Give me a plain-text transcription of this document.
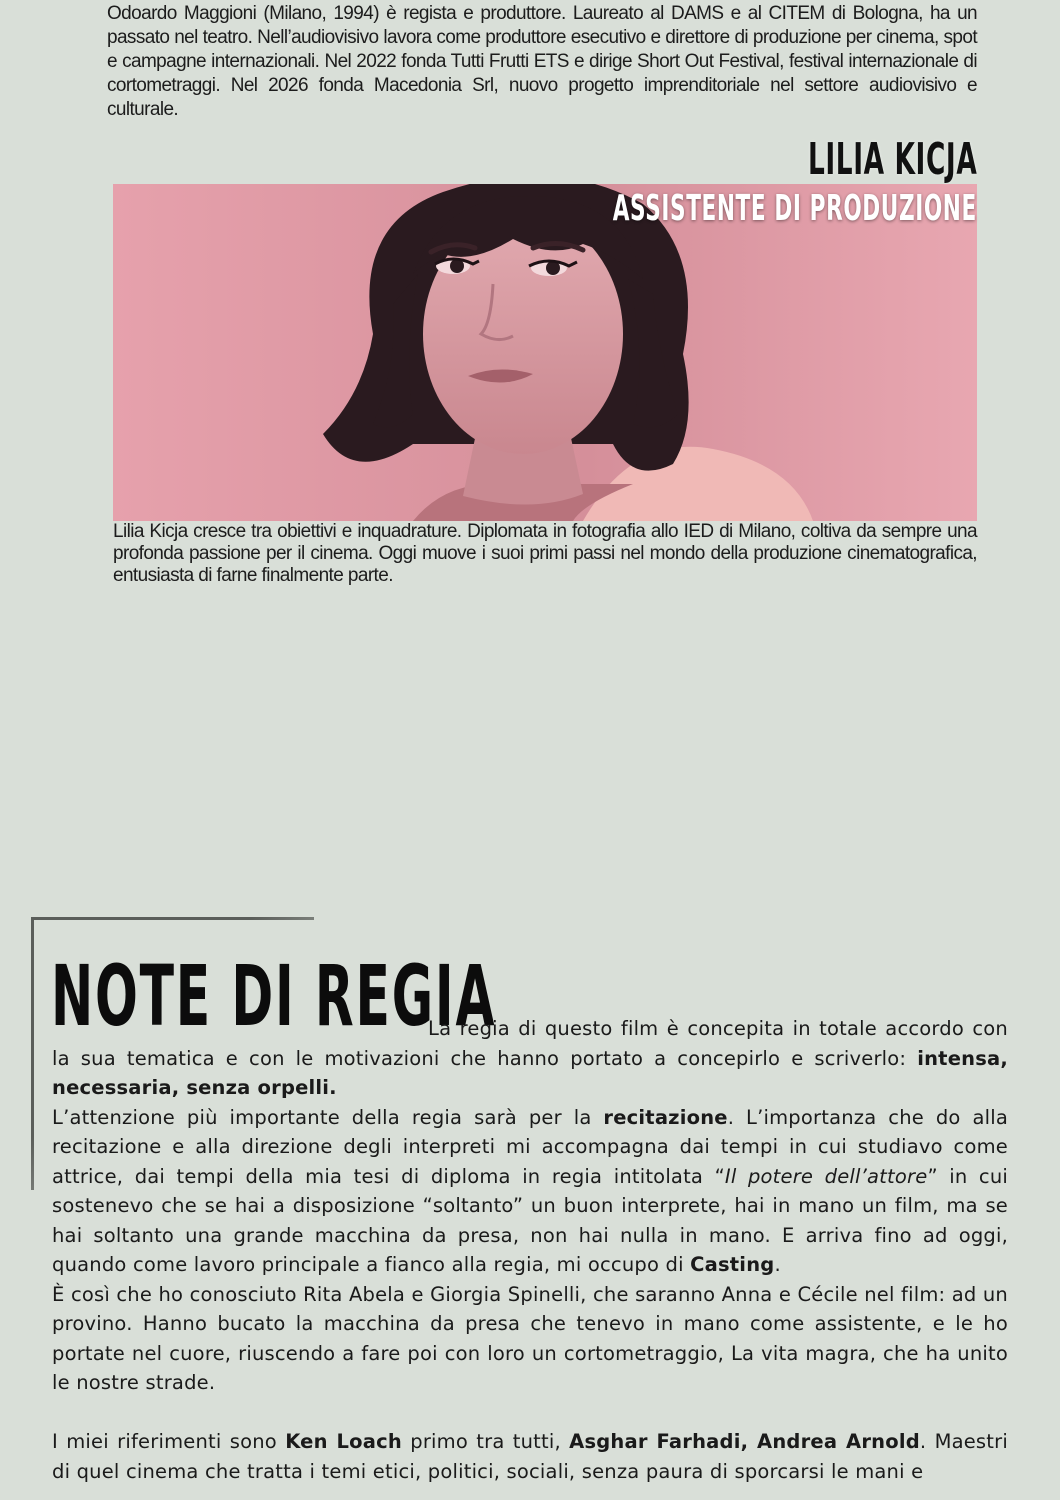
Odoardo Maggioni (Milano, 1994) è regista e produttore. Laureato al DAMS e al CITEM di Bologna, ha un passato nel teatro. Nell’audiovisivo lavora come produttore esecutivo e direttore di produzione per cinema, spot e campagne internazionali. Nel 2022 fonda Tutti Frutti ETS e dirige Short Out Festival, festival internazionale di cortometraggi. Nel 2026 fonda Macedonia Srl, nuovo progetto imprenditoriale nel settore audiovisivo e culturale.

LILIA KICJA
ASSISTENTE DI PRODUZIONE

Lilia Kicja cresce tra obiettivi e inquadrature. Diplomata in fotografia allo IED di Milano, coltiva da sempre una profonda passione per il cinema. Oggi muove i suoi primi passi nel mondo della produzione cinematografica, entusiasta di farne finalmente parte.

NOTE DI REGIA

La regia di questo film è concepita in totale accordo con la sua tematica e con le motivazioni che hanno portato a concepirlo e scriverlo: intensa, necessaria, senza orpelli.

L’attenzione più importante della regia sarà per la recitazione. L’importanza che do alla recitazione e alla direzione degli interpreti mi accompagna dai tempi in cui studiavo come attrice, dai tempi della mia tesi di diploma in regia intitolata “Il potere dell’attore” in cui sostenevo che se hai a disposizione “soltanto” un buon interprete, hai in mano un film, ma se hai soltanto una grande macchina da presa, non hai nulla in mano. E arriva fino ad oggi, quando come lavoro principale a fianco alla regia, mi occupo di Casting.

È così che ho conosciuto Rita Abela e Giorgia Spinelli, che saranno Anna e Cécile nel film: ad un provino. Hanno bucato la macchina da presa che tenevo in mano come assistente, e le ho portate nel cuore, riuscendo a fare poi con loro un cortometraggio, La vita magra, che ha unito le nostre strade.

I miei riferimenti sono Ken Loach primo tra tutti, Asghar Farhadi, Andrea Arnold. Maestri di quel cinema che tratta i temi etici, politici, sociali, senza paura di sporcarsi le mani e
